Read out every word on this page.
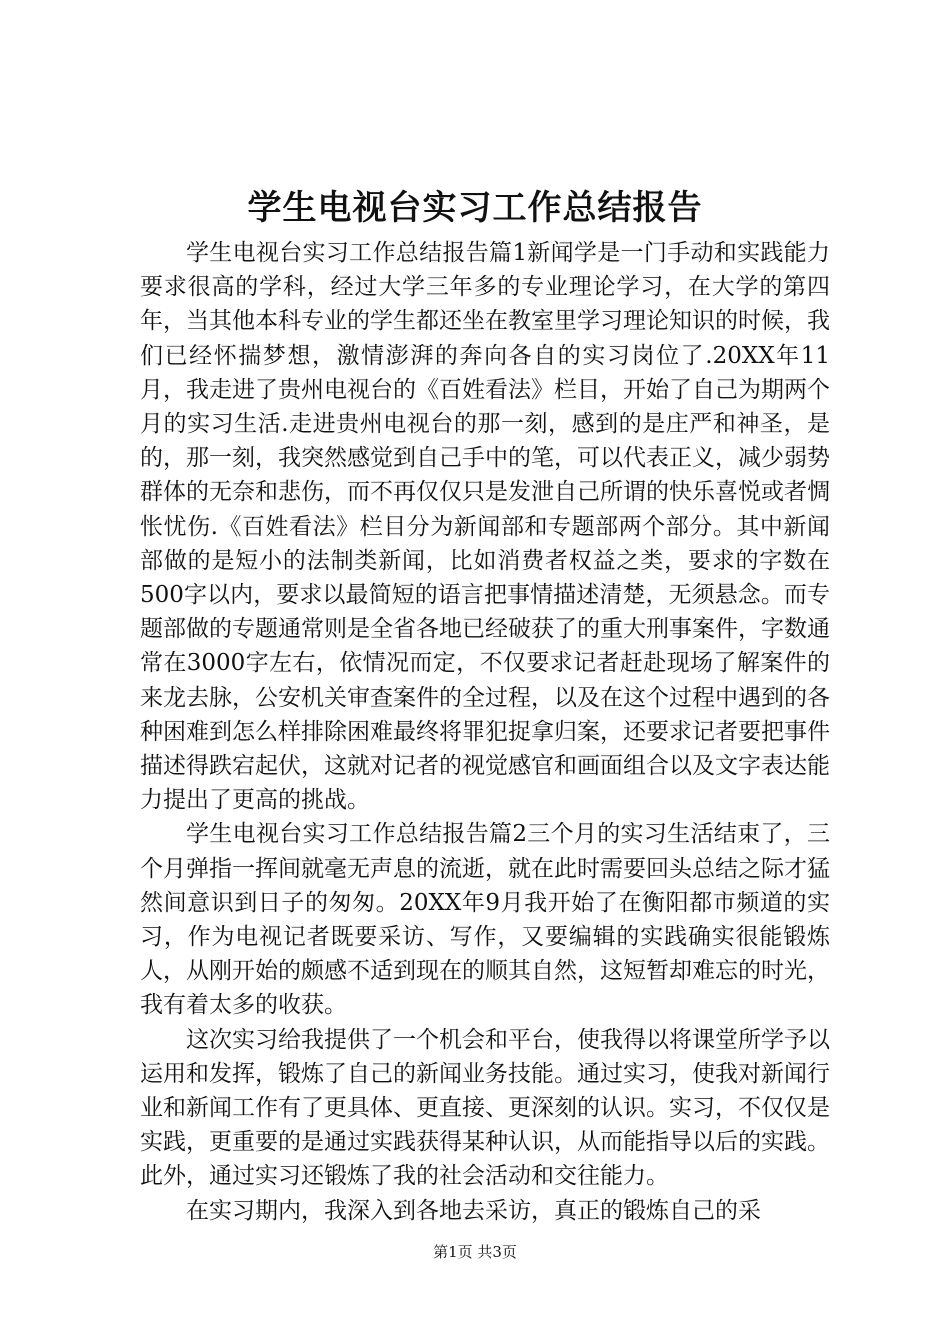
学生电视台实习工作总结报告

学生电视台实习工作总结报告篇1新闻学是一门手动和实践能力要求很高的学科，经过大学三年多的专业理论学习，在大学的第四年，当其他本科专业的学生都还坐在教室里学习理论知识的时候，我们已经怀揣梦想，激情澎湃的奔向各自的实习岗位了.20XX年11月，我走进了贵州电视台的《百姓看法》栏目，开始了自己为期两个月的实习生活.走进贵州电视台的那一刻，感到的是庄严和神圣，是的，那一刻，我突然感觉到自己手中的笔，可以代表正义，减少弱势群体的无奈和悲伤，而不再仅仅只是发泄自己所谓的快乐喜悦或者惆怅忧伤.《百姓看法》栏目分为新闻部和专题部两个部分。其中新闻部做的是短小的法制类新闻，比如消费者权益之类，要求的字数在500字以内，要求以最简短的语言把事情描述清楚，无须悬念。而专题部做的专题通常则是全省各地已经破获了的重大刑事案件，字数通常在3000字左右，依情况而定，不仅要求记者赶赴现场了解案件的来龙去脉，公安机关审查案件的全过程，以及在这个过程中遇到的各种困难到怎么样排除困难最终将罪犯捉拿归案，还要求记者要把事件描述得跌宕起伏，这就对记者的视觉感官和画面组合以及文字表达能力提出了更高的挑战。

学生电视台实习工作总结报告篇2三个月的实习生活结束了，三个月弹指一挥间就毫无声息的流逝，就在此时需要回头总结之际才猛然间意识到日子的匆匆。20XX年9月我开始了在衡阳都市频道的实习，作为电视记者既要采访、写作，又要编辑的实践确实很能锻炼人，从刚开始的颇感不适到现在的顺其自然，这短暂却难忘的时光，我有着太多的收获。

这次实习给我提供了一个机会和平台，使我得以将课堂所学予以运用和发挥，锻炼了自己的新闻业务技能。通过实习，使我对新闻行业和新闻工作有了更具体、更直接、更深刻的认识。实习，不仅仅是实践，更重要的是通过实践获得某种认识，从而能指导以后的实践。此外，通过实习还锻炼了我的社会活动和交往能力。

在实习期内，我深入到各地去采访，真正的锻炼自己的采

第1页 共3页
